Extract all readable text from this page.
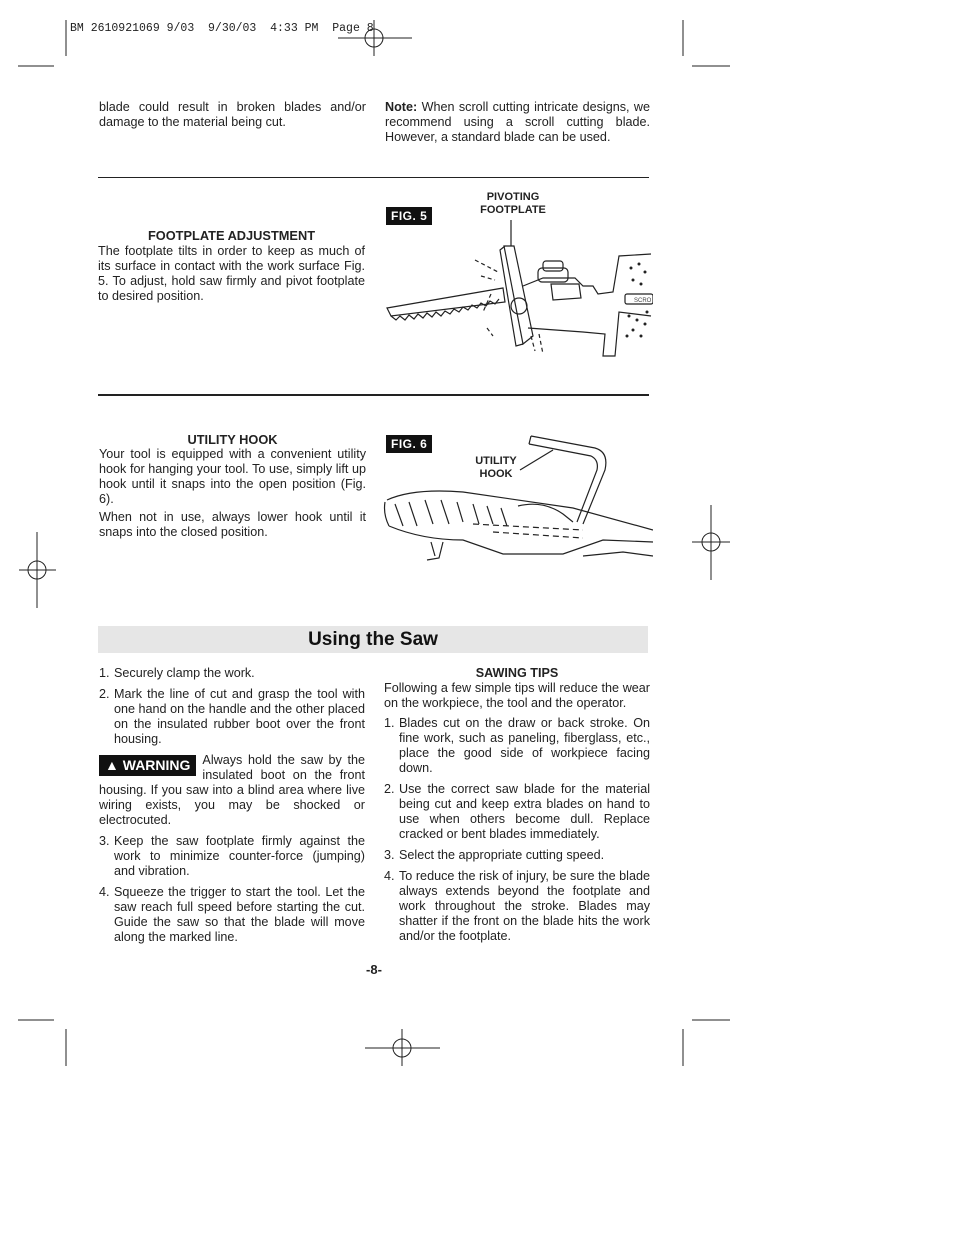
BM 2610921069 9/03  9/30/03  4:33 PM  Page 8
blade could result in broken blades and/or damage to the material being cut.
Note: When scroll cutting intricate designs, we recommend using a scroll cutting blade. However, a standard blade can be used.
FOOTPLATE ADJUSTMENT
The footplate tilts in order to keep as much of its surface in contact with the work surface Fig. 5. To adjust, hold saw firmly and pivot footplate to desired position.
FIG. 5
PIVOTING
FOOTPLATE
SCRO
UTILITY HOOK
Your tool is equipped with a convenient utility hook for hanging your tool. To use, simply lift up hook until it snaps into the open position (Fig. 6).
When not in use, always lower hook until it snaps into the closed position.
FIG. 6
UTILITY
HOOK
Using the Saw
1. Securely clamp the work.
2. Mark the line of cut and grasp the tool with one hand on the handle and the other placed on the insulated rubber boot over the front housing.
▲ WARNING Always hold the saw by the insulated boot on the front housing. If you saw into a blind area where live wiring exists, you may be shocked or electrocuted.
3. Keep the saw footplate firmly against the work to minimize counter-force (jumping) and vibration.
4. Squeeze the trigger to start the tool. Let the saw reach full speed before starting the cut. Guide the saw so that the blade will move along the marked line.
SAWING TIPS
Following a few simple tips will reduce the wear on the workpiece, the tool and the operator.
1. Blades cut on the draw or back stroke. On fine work, such as paneling, fiberglass, etc., place the good side of workpiece facing down.
2. Use the correct saw blade for the material being cut and keep extra blades on hand to use when others become dull. Replace cracked or bent blades immediately.
3. Select the appropriate cutting speed.
4. To reduce the risk of injury, be sure the blade always extends beyond the footplate and work throughout the stroke. Blades may shatter if the front on the blade hits the work and/or the footplate.
-8-
